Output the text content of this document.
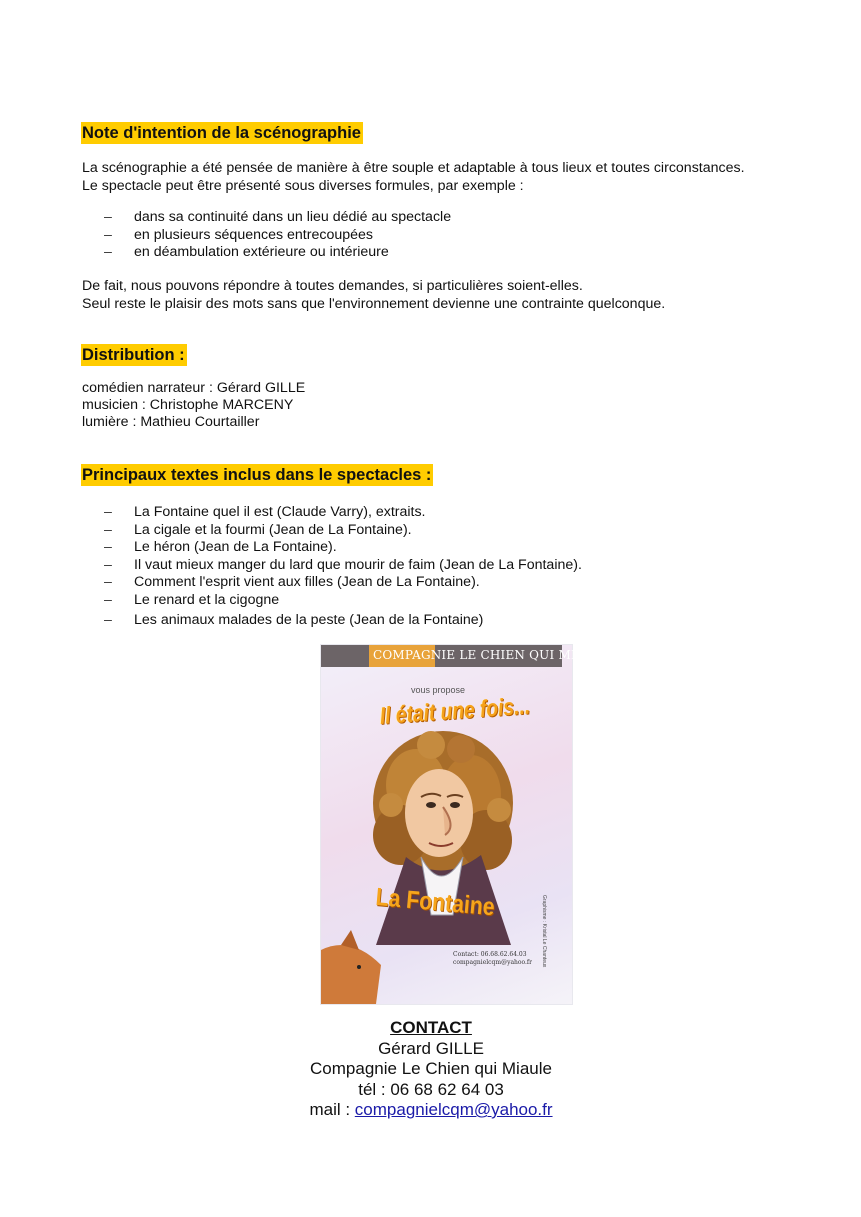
Note d'intention de la scénographie
La scénographie a été pensée de manière à être souple et adaptable à tous lieux et toutes circonstances.
Le spectacle peut être présenté sous diverses formules, par exemple :
–	dans sa continuité dans un lieu dédié au spectacle
–	en plusieurs séquences entrecoupées
–	en déambulation extérieure ou intérieure
De fait, nous pouvons répondre à toutes demandes, si particulières soient-elles.
Seul reste le plaisir des mots sans que l'environnement devienne une contrainte quelconque.
Distribution :
comédien narrateur : Gérard GILLE
musicien : Christophe MARCENY
lumière : Mathieu Courtailler
Principaux textes inclus dans le spectacles :
–	La Fontaine quel il est (Claude Varry), extraits.
–	La cigale et la fourmi (Jean de La Fontaine).
–	Le héron (Jean de La Fontaine).
–	Il vaut mieux manger du lard que mourir de faim (Jean de La Fontaine).
–	Comment l'esprit vient aux filles (Jean de La Fontaine).
–	Le renard et la cigogne
–	Les animaux malades de la peste (Jean de la Fontaine)
COMPAGNIE LE CHIEN QUI MIAULE
vous propose
Il était une fois...
La Fontaine
Contact: 06.68.62.64.03
compagnielcqm@yahoo.fr Graphisme : Kristal Le Chanteux
CONTACT
Gérard GILLE
Compagnie Le Chien qui Miaule
tél : 06 68 62 64 03
mail : compagnielcqm@yahoo.fr
